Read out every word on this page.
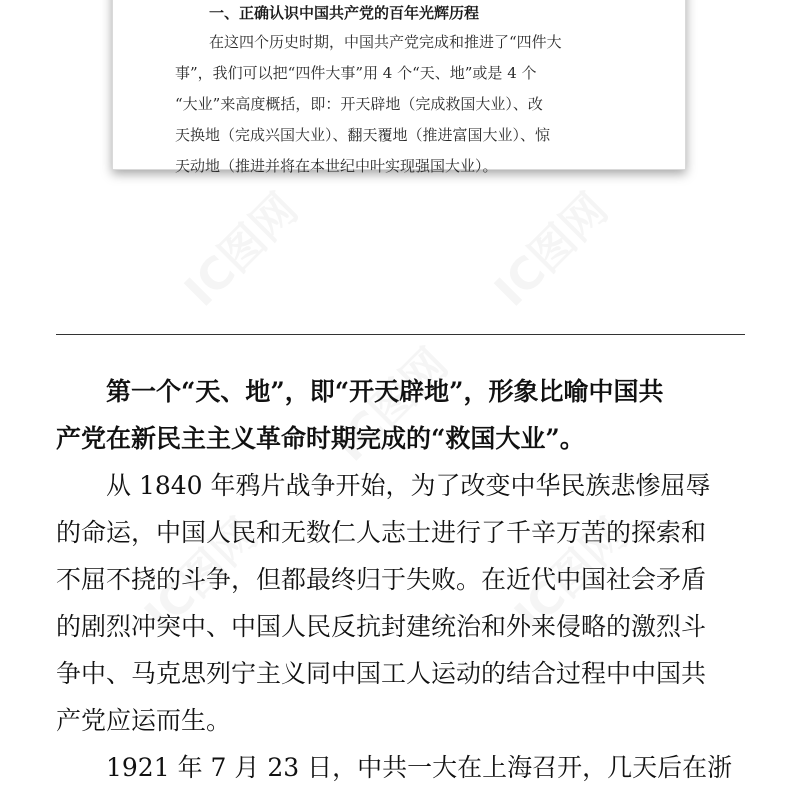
IC图网	IC图网
IC图网
IC图网	IC图网
一、正确认识中国共产党的百年光辉历程
在这四个历史时期，中国共产党完成和推进了“四件大
事”，我们可以把“四件大事”用 4 个“天、地”或是 4 个
“大业”来高度概括，即：开天辟地（完成救国大业）、改
天换地（完成兴国大业）、翻天覆地（推进富国大业）、惊
天动地（推进并将在本世纪中叶实现强国大业）。
第一个“天、地”，即“开天辟地”，形象比喻中国共
产党在新民主主义革命时期完成的“救国大业”。
从 1840 年鸦片战争开始，为了改变中华民族悲惨屈辱
的命运，中国人民和无数仁人志士进行了千辛万苦的探索和
不屈不挠的斗争，但都最终归于失败。在近代中国社会矛盾
的剧烈冲突中、中国人民反抗封建统治和外来侵略的激烈斗
争中、马克思列宁主义同中国工人运动的结合过程中中国共
产党应运而生。
1921 年 7 月 23 日，中共一大在上海召开，几天后在浙
